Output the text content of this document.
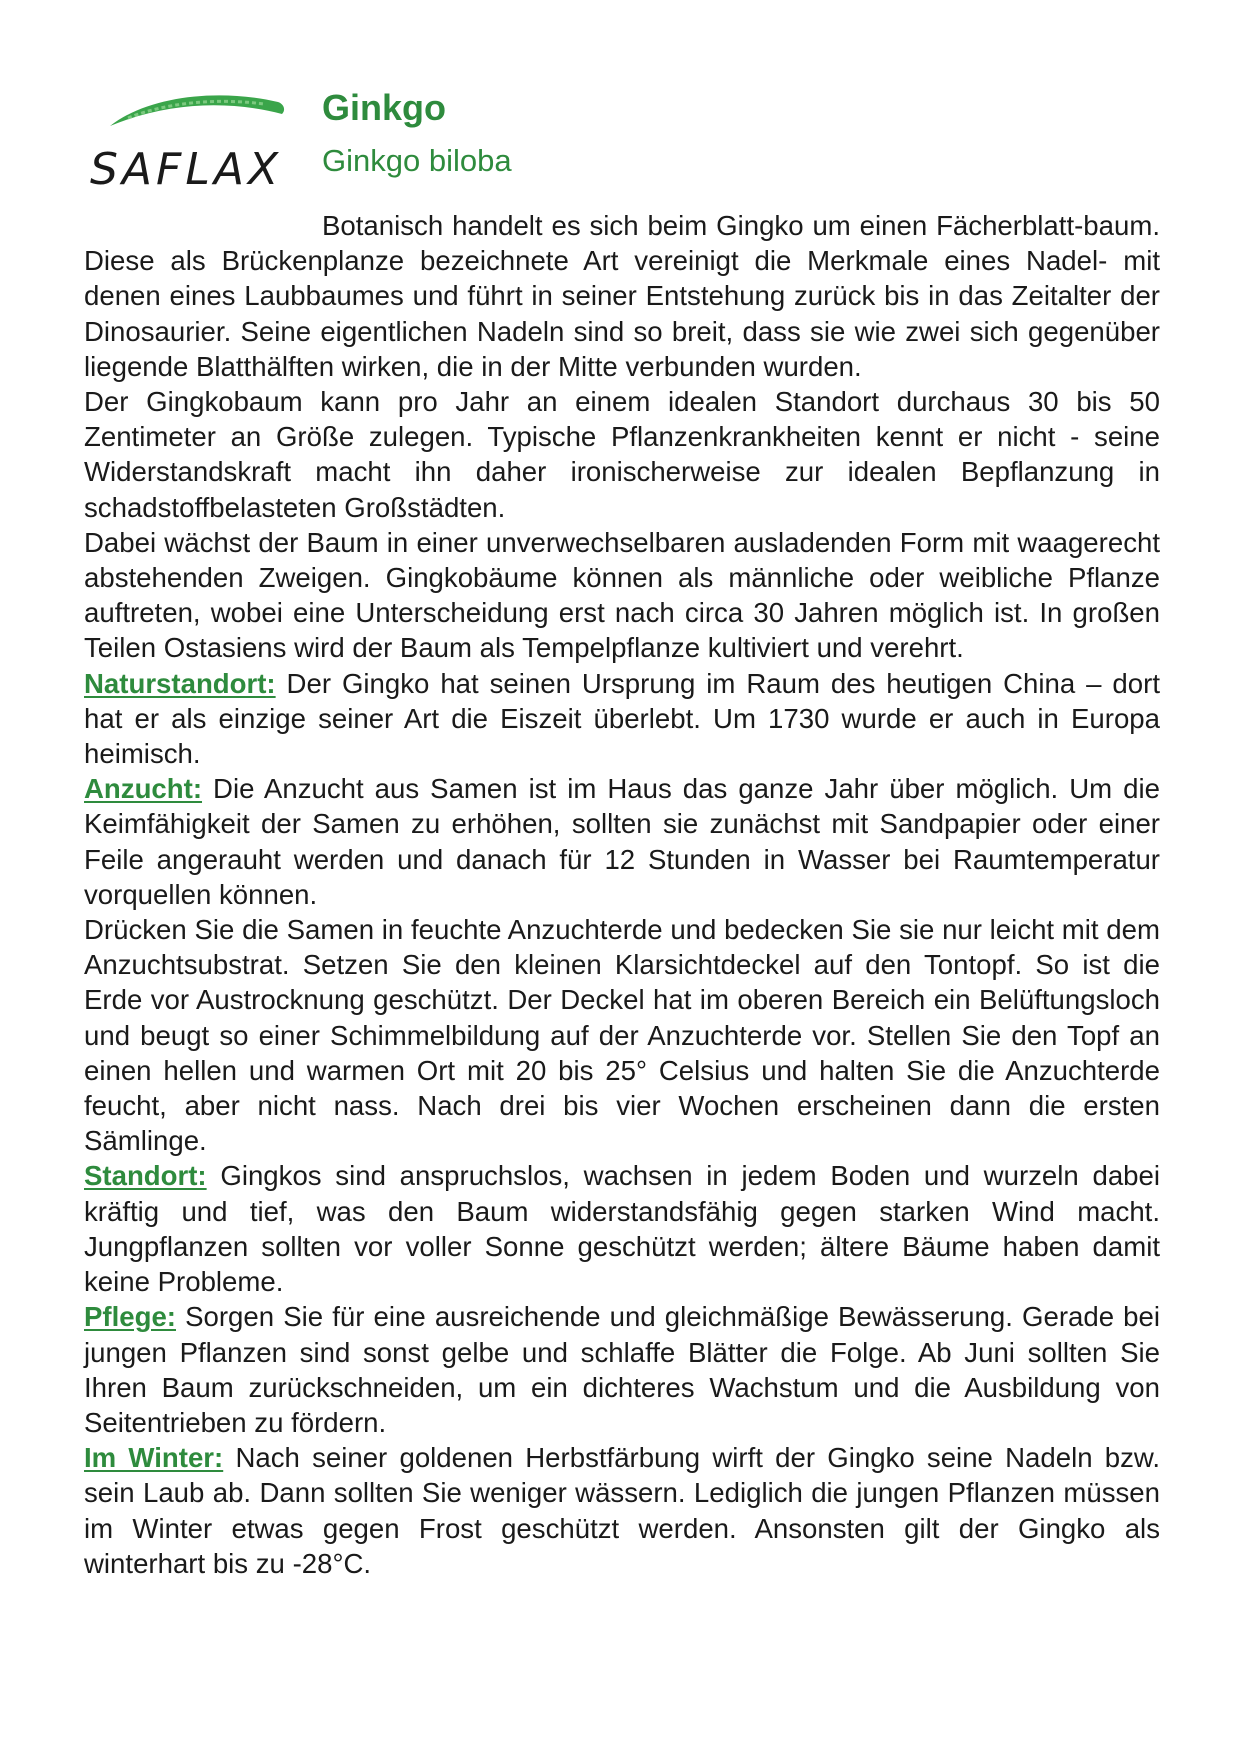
SAFLAX
Ginkgo
Ginkgo biloba

Botanisch handelt es sich beim Gingko um einen Fächerblatt-baum. Diese als Brückenplanze bezeichnete Art vereinigt die Merkmale eines Nadel- mit denen eines Laubbaumes und führt in seiner Entstehung zurück bis in das Zeitalter der Dinosaurier. Seine eigentlichen Nadeln sind so breit, dass sie wie zwei sich gegenüber liegende Blatthälften wirken, die in der Mitte verbunden wurden.

Der Gingkobaum kann pro Jahr an einem idealen Standort durchaus 30 bis 50 Zentimeter an Größe zulegen. Typische Pflanzenkrankheiten kennt er nicht - seine Widerstandskraft macht ihn daher ironischerweise zur idealen Bepflanzung in schadstoffbelasteten Großstädten.

Dabei wächst der Baum in einer unverwechselbaren ausladenden Form mit waagerecht abstehenden Zweigen. Gingkobäume können als männliche oder weibliche Pflanze auftreten, wobei eine Unterscheidung erst nach circa 30 Jahren möglich ist. In großen Teilen Ostasiens wird der Baum als Tempelpflanze kultiviert und verehrt.

Naturstandort: Der Gingko hat seinen Ursprung im Raum des heutigen China – dort hat er als einzige seiner Art die Eiszeit überlebt. Um 1730 wurde er auch in Europa heimisch.

Anzucht: Die Anzucht aus Samen ist im Haus das ganze Jahr über möglich. Um die Keimfähigkeit der Samen zu erhöhen, sollten sie zunächst mit Sandpapier oder einer Feile angerauht werden und danach für 12 Stunden in Wasser bei Raumtemperatur vorquellen können.

Drücken Sie die Samen in feuchte Anzuchterde und bedecken Sie sie nur leicht mit dem Anzuchtsubstrat. Setzen Sie den kleinen Klarsichtdeckel auf den Tontopf. So ist die Erde vor Austrocknung geschützt. Der Deckel hat im oberen Bereich ein Belüftungsloch und beugt so einer Schimmelbildung auf der Anzuchterde vor. Stellen Sie den Topf an einen hellen und warmen Ort mit 20 bis 25° Celsius und halten Sie die Anzuchterde feucht, aber nicht nass. Nach drei bis vier Wochen erscheinen dann die ersten Sämlinge.

Standort: Gingkos sind anspruchslos, wachsen in jedem Boden und wurzeln dabei kräftig und tief, was den Baum widerstandsfähig gegen starken Wind macht. Jungpflanzen sollten vor voller Sonne geschützt werden; ältere Bäume haben damit keine Probleme.

Pflege: Sorgen Sie für eine ausreichende und gleichmäßige Bewässerung. Gerade bei jungen Pflanzen sind sonst gelbe und schlaffe Blätter die Folge. Ab Juni sollten Sie Ihren Baum zurückschneiden, um ein dichteres Wachstum und die Ausbildung von Seitentrieben zu fördern.

Im Winter: Nach seiner goldenen Herbstfärbung wirft der Gingko seine Nadeln bzw. sein Laub ab. Dann sollten Sie weniger wässern. Lediglich die jungen Pflanzen müssen im Winter etwas gegen Frost geschützt werden. Ansonsten gilt der Gingko als winterhart bis zu -28°C.
